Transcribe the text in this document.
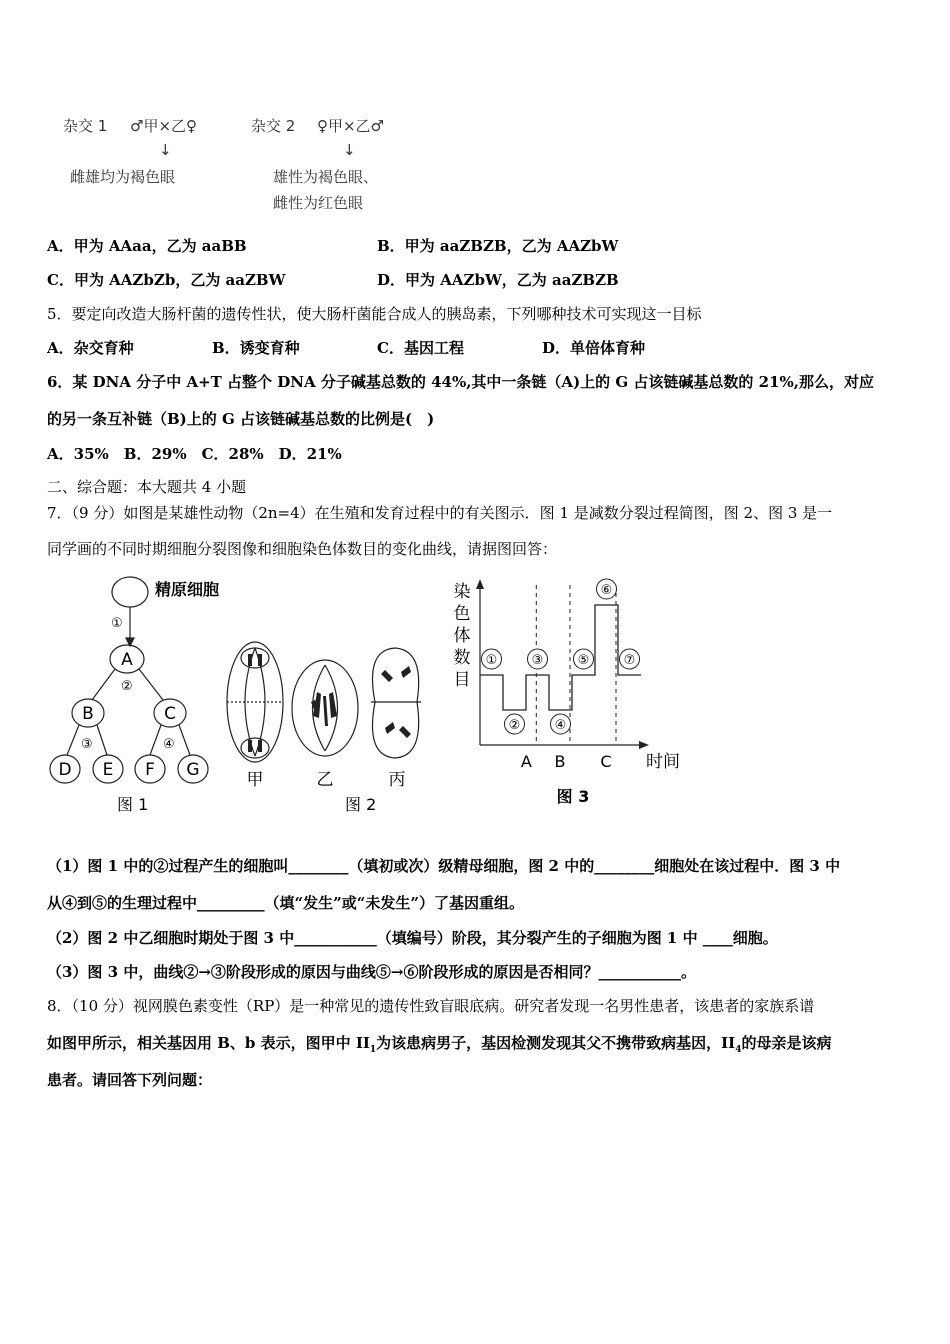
杂交 1 ♂甲×乙♀
↓
雌雄均为褐色眼
杂交 2 ♀甲×乙♂
↓
雄性为褐色眼、
雌性为红色眼
A．甲为 AAaa，乙为 aaBB	B．甲为 aaZBZB，乙为 AAZbW
C．甲为 AAZbZb，乙为 aaZBW	D．甲为 AAZbW，乙为 aaZBZB
5．要定向改造大肠杆菌的遗传性状，使大肠杆菌能合成人的胰岛素，下列哪种技术可实现这一目标
A．杂交育种	B．诱变育种	C．基因工程	D．单倍体育种
6．某 DNA 分子中 A+T 占整个 DNA 分子碱基总数的 44%,其中一条链（A)上的 G 占该链碱基总数的 21%,那么，对应
的另一条互补链（B)上的 G 占该链碱基总数的比例是(　)
A．35%　B．29%　C．28%　D．21%
二、综合题：本大题共 4 小题
7．（9 分）如图是某雄性动物（2n=4）在生殖和发育过程中的有关图示．图 1 是减数分裂过程简图，图 2、图 3 是一
同学画的不同时期细胞分裂图像和细胞染色体数目的变化曲线，请据图回答：
精原细胞
①
②
③	④
A
B	C
D E F G
图 1
甲	乙	丙
图 2
染
色
体
数
目
①
②
③
④
⑤
⑥
⑦
A B C 时间
图 3
（1）图 1 中的②过程产生的细胞叫________（填初或次）级精母细胞，图 2 中的________细胞处在该过程中．图 3 中
从④到⑤的生理过程中_________（填“发生”或“未发生”）了基因重组。
（2）图 2 中乙细胞时期处于图 3 中___________（填编号）阶段，其分裂产生的子细胞为图 1 中 ____细胞。
（3）图 3 中，曲线②→③阶段形成的原因与曲线⑤→⑥阶段形成的原因是否相同？___________。
8．（10 分）视网膜色素变性（RP）是一种常见的遗传性致盲眼底病。研究者发现一名男性患者，该患者的家族系谱
如图甲所示，相关基因用 B、b 表示，图甲中 $II_1$为该患病男子，基因检测发现其父不携带致病基因，$II_4$的母亲是该病
患者。请回答下列问题：
